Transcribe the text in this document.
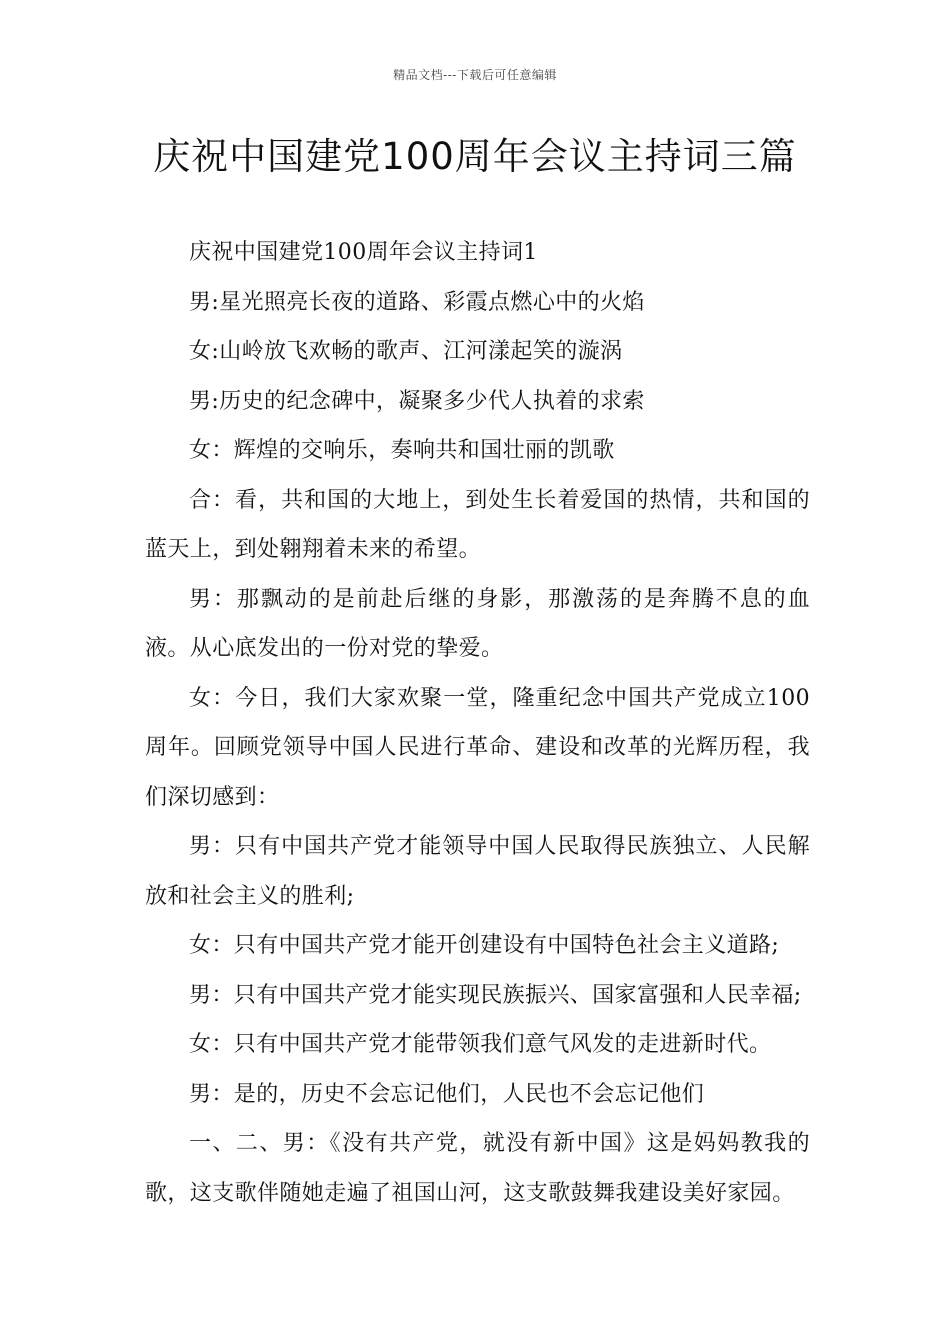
精品文档---下载后可任意编辑
庆祝中国建党100周年会议主持词三篇

庆祝中国建党100周年会议主持词1

男:星光照亮长夜的道路、彩霞点燃心中的火焰

女:山岭放飞欢畅的歌声、江河漾起笑的漩涡

男:历史的纪念碑中，凝聚多少代人执着的求索

女：辉煌的交响乐，奏响共和国壮丽的凯歌

合：看，共和国的大地上，到处生长着爱国的热情，共和国的蓝天上，到处翱翔着未来的希望。

男：那飘动的是前赴后继的身影，那激荡的是奔腾不息的血液。从心底发出的一份对党的挚爱。

女：今日，我们大家欢聚一堂，隆重纪念中国共产党成立100周年。回顾党领导中国人民进行革命、建设和改革的光辉历程，我们深切感到：

男：只有中国共产党才能领导中国人民取得民族独立、人民解放和社会主义的胜利;

女：只有中国共产党才能开创建设有中国特色社会主义道路;

男：只有中国共产党才能实现民族振兴、国家富强和人民幸福;

女：只有中国共产党才能带领我们意气风发的走进新时代。

男：是的，历史不会忘记他们，人民也不会忘记他们

一、二、男：《没有共产党，就没有新中国》这是妈妈教我的歌，这支歌伴随她走遍了祖国山河，这支歌鼓舞我建设美好家园。
